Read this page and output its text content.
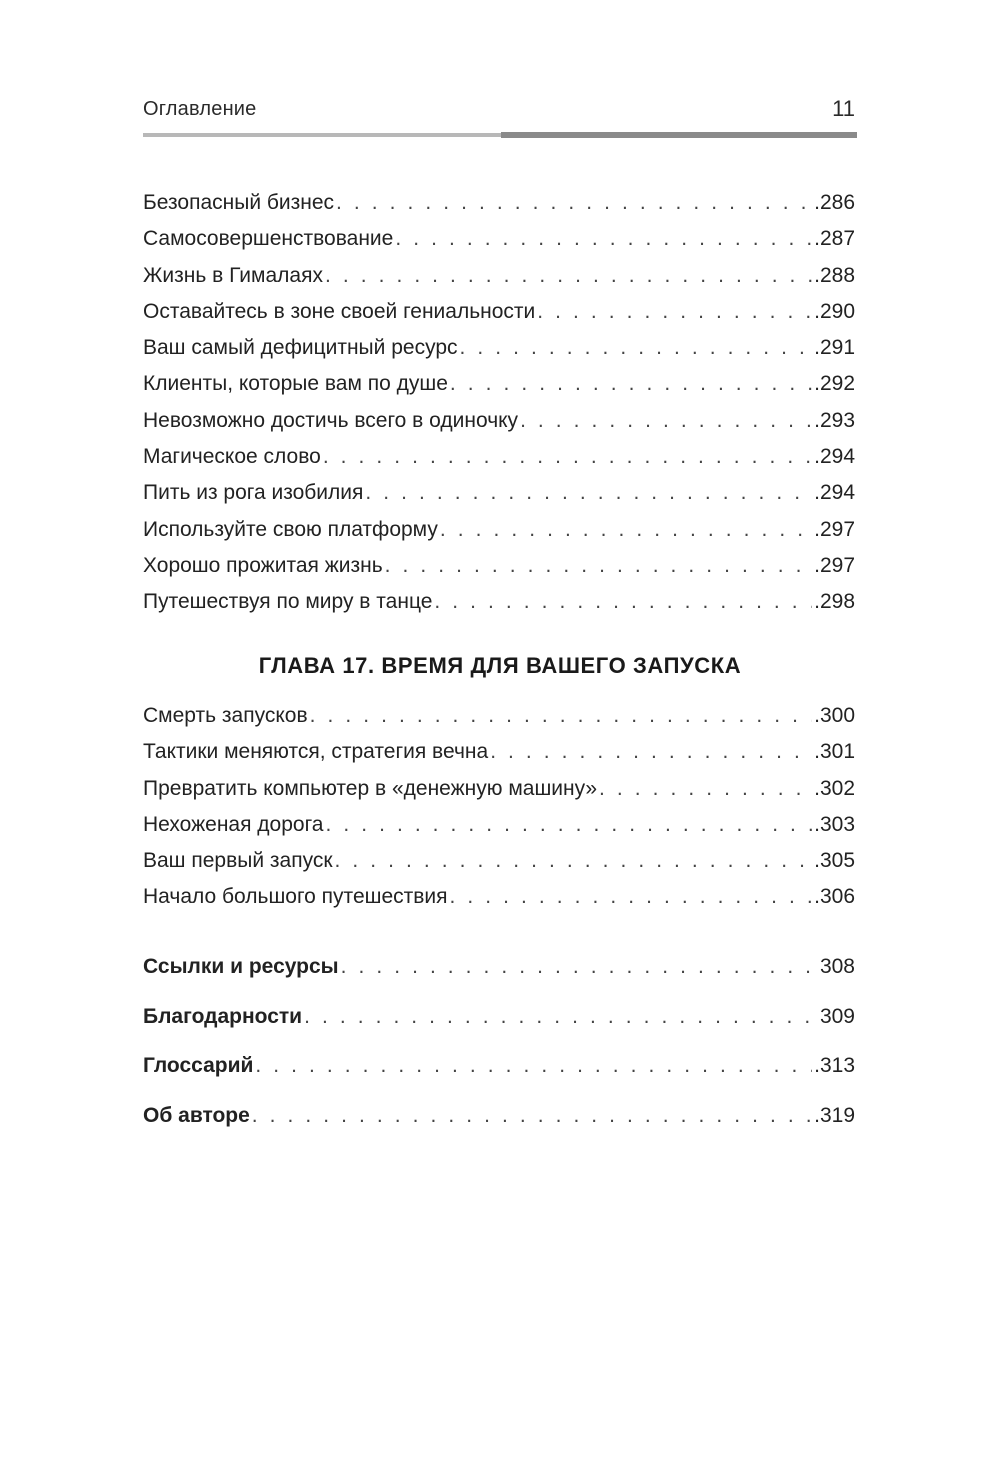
Оглавление	11
Безопасный бизнес . . .	.286
Самосовершенствование . . .	.287
Жизнь в Гималаях . . .	.288
Оставайтесь в зоне своей гениальности . . .	.290
Ваш самый дефицитный ресурс . . .	.291
Клиенты, которые вам по душе . . .	.292
Невозможно достичь всего в одиночку . . .	.293
Магическое слово . . .	.294
Пить из рога изобилия . . .	.294
Используйте свою платформу . . .	.297
Хорошо прожитая жизнь . . .	.297
Путешествуя по миру в танце . . .	.298
ГЛАВА 17. ВРЕМЯ ДЛЯ ВАШЕГО ЗАПУСКА
Смерть запусков . . .	.300
Тактики меняются, стратегия вечна . . .	.301
Превратить компьютер в «денежную машину» . . .	.302
Нехоженая дорога . . .	.303
Ваш первый запуск . . .	.305
Начало большого путешествия . . .	.306
Ссылки и ресурсы . . .	308
Благодарности . . .	309
Глоссарий . . .	.313
Об авторе . . .	.319
